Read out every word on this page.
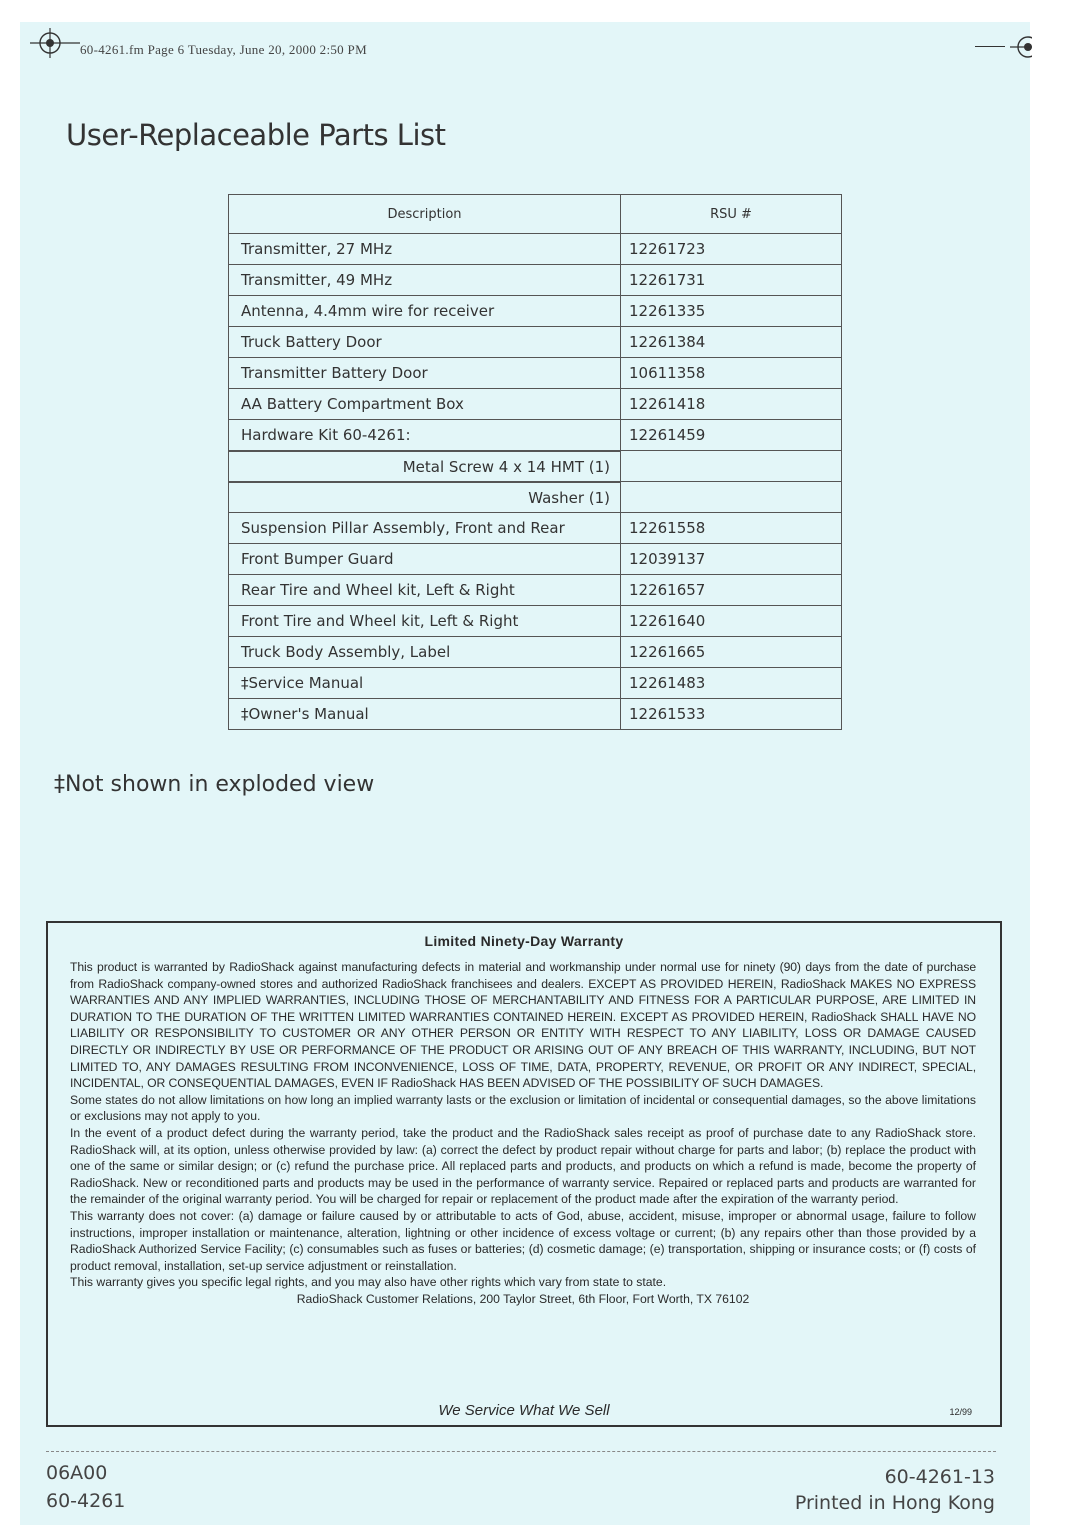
60-4261.fm Page 6 Tuesday, June 20, 2000 2:50 PM
User-Replaceable Parts List
Description	RSU #
Transmitter, 27 MHz	12261723
Transmitter, 49 MHz	12261731
Antenna, 4.4mm wire for receiver	12261335
Truck Battery Door	12261384
Transmitter Battery Door	10611358
AA Battery Compartment Box	12261418
Hardware Kit 60-4261:	12261459
Metal Screw 4 x 14 HMT (1)
Washer (1)
Suspension Pillar Assembly, Front and Rear	12261558
Front Bumper Guard	12039137
Rear Tire and Wheel kit, Left & Right	12261657
Front Tire and Wheel kit, Left & Right	12261640
Truck Body Assembly, Label	12261665
‡Service Manual	12261483
‡Owner's Manual	12261533
‡Not shown in exploded view
Limited Ninety-Day Warranty

This product is warranted by RadioShack against manufacturing defects in material and workmanship under normal use for ninety (90) days from the date of purchase from RadioShack company-owned stores and authorized RadioShack franchisees and dealers. EXCEPT AS PROVIDED HEREIN, RadioShack MAKES NO EXPRESS WARRANTIES AND ANY IMPLIED WARRANTIES, INCLUDING THOSE OF MERCHANTABILITY AND FITNESS FOR A PARTICULAR PURPOSE, ARE LIMITED IN DURATION TO THE DURATION OF THE WRITTEN LIMITED WARRANTIES CONTAINED HEREIN. EXCEPT AS PROVIDED HEREIN, RadioShack SHALL HAVE NO LIABILITY OR RESPONSIBILITY TO CUSTOMER OR ANY OTHER PERSON OR ENTITY WITH RESPECT TO ANY LIABILITY, LOSS OR DAMAGE CAUSED DIRECTLY OR INDIRECTLY BY USE OR PERFORMANCE OF THE PRODUCT OR ARISING OUT OF ANY BREACH OF THIS WARRANTY, INCLUDING, BUT NOT LIMITED TO, ANY DAMAGES RESULTING FROM INCONVENIENCE, LOSS OF TIME, DATA, PROPERTY, REVENUE, OR PROFIT OR ANY INDIRECT, SPECIAL, INCIDENTAL, OR CONSEQUENTIAL DAMAGES, EVEN IF RadioShack HAS BEEN ADVISED OF THE POSSIBILITY OF SUCH DAMAGES.

Some states do not allow limitations on how long an implied warranty lasts or the exclusion or limitation of incidental or consequential damages, so the above limitations or exclusions may not apply to you.

In the event of a product defect during the warranty period, take the product and the RadioShack sales receipt as proof of purchase date to any RadioShack store. RadioShack will, at its option, unless otherwise provided by law: (a) correct the defect by product repair without charge for parts and labor; (b) replace the product with one of the same or similar design; or (c) refund the purchase price. All replaced parts and products, and products on which a refund is made, become the property of RadioShack. New or reconditioned parts and products may be used in the performance of warranty service. Repaired or replaced parts and products are warranted for the remainder of the original warranty period. You will be charged for repair or replacement of the product made after the expiration of the warranty period.

This warranty does not cover: (a) damage or failure caused by or attributable to acts of God, abuse, accident, misuse, improper or abnormal usage, failure to follow instructions, improper installation or maintenance, alteration, lightning or other incidence of excess voltage or current; (b) any repairs other than those provided by a RadioShack Authorized Service Facility; (c) consumables such as fuses or batteries; (d) cosmetic damage; (e) transportation, shipping or insurance costs; or (f) costs of product removal, installation, set-up service adjustment or reinstallation.

This warranty gives you specific legal rights, and you may also have other rights which vary from state to state.

RadioShack Customer Relations, 200 Taylor Street, 6th Floor, Fort Worth, TX 76102
We Service What We Sell	12/99
06A00
60-4261
60-4261-13
Printed in Hong Kong
